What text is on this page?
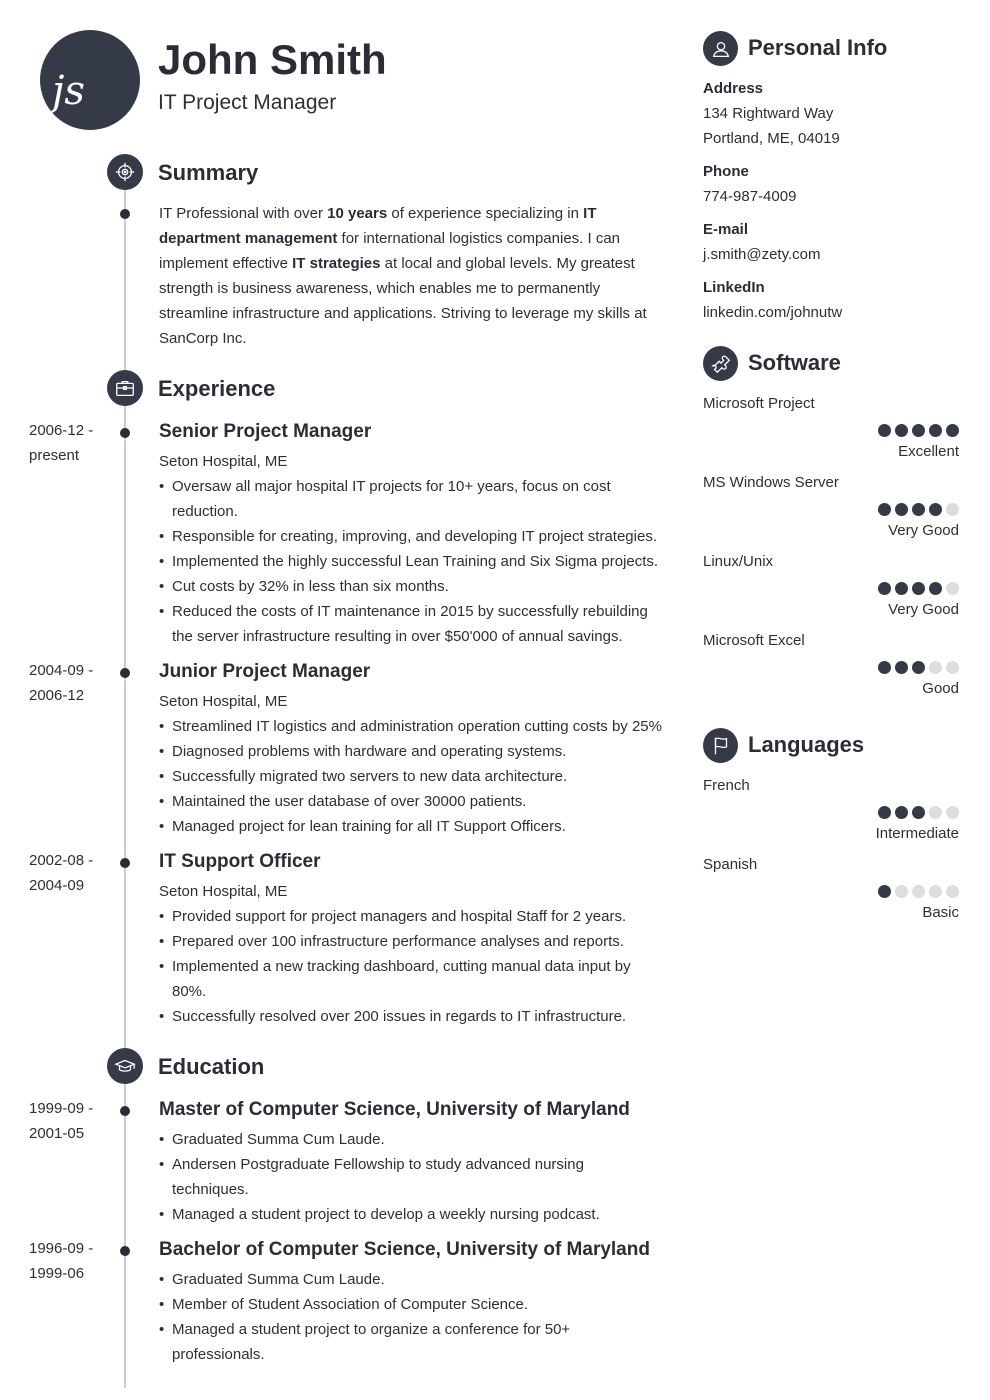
js
John Smith
IT Project Manager
Summary
IT Professional with over 10 years of experience specializing in IT department management for international logistics companies. I can implement effective IT strategies at local and global levels. My greatest strength is business awareness, which enables me to permanently streamline infrastructure and applications. Striving to leverage my skills at SanCorp Inc.
Experience
2006-12 -
present
Senior Project Manager
Seton Hospital, ME
• Oversaw all major hospital IT projects for 10+ years, focus on cost reduction.
• Responsible for creating, improving, and developing IT project strategies.
• Implemented the highly successful Lean Training and Six Sigma projects.
• Cut costs by 32% in less than six months.
• Reduced the costs of IT maintenance in 2015 by successfully rebuilding the server infrastructure resulting in over $50'000 of annual savings.
2004-09 -
2006-12
Junior Project Manager
Seton Hospital, ME
• Streamlined IT logistics and administration operation cutting costs by 25%
• Diagnosed problems with hardware and operating systems.
• Successfully migrated two servers to new data architecture.
• Maintained the user database of over 30000 patients.
• Managed project for lean training for all IT Support Officers.
2002-08 -
2004-09
IT Support Officer
Seton Hospital, ME
• Provided support for project managers and hospital Staff for 2 years.
• Prepared over 100 infrastructure performance analyses and reports.
• Implemented a new tracking dashboard, cutting manual data input by 80%.
• Successfully resolved over 200 issues in regards to IT infrastructure.
Education
1999-09 -
2001-05
Master of Computer Science, University of Maryland
• Graduated Summa Cum Laude.
• Andersen Postgraduate Fellowship to study advanced nursing techniques.
• Managed a student project to develop a weekly nursing podcast.
1996-09 -
1999-06
Bachelor of Computer Science, University of Maryland
• Graduated Summa Cum Laude.
• Member of Student Association of Computer Science.
• Managed a student project to organize a conference for 50+ professionals.
Personal Info
Address
134 Rightward Way
Portland, ME, 04019
Phone
774-987-4009
E-mail
j.smith@zety.com
LinkedIn
linkedin.com/johnutw
Software
Microsoft Project
Excellent
MS Windows Server
Very Good
Linux/Unix
Very Good
Microsoft Excel
Good
Languages
French
Intermediate
Spanish
Basic
